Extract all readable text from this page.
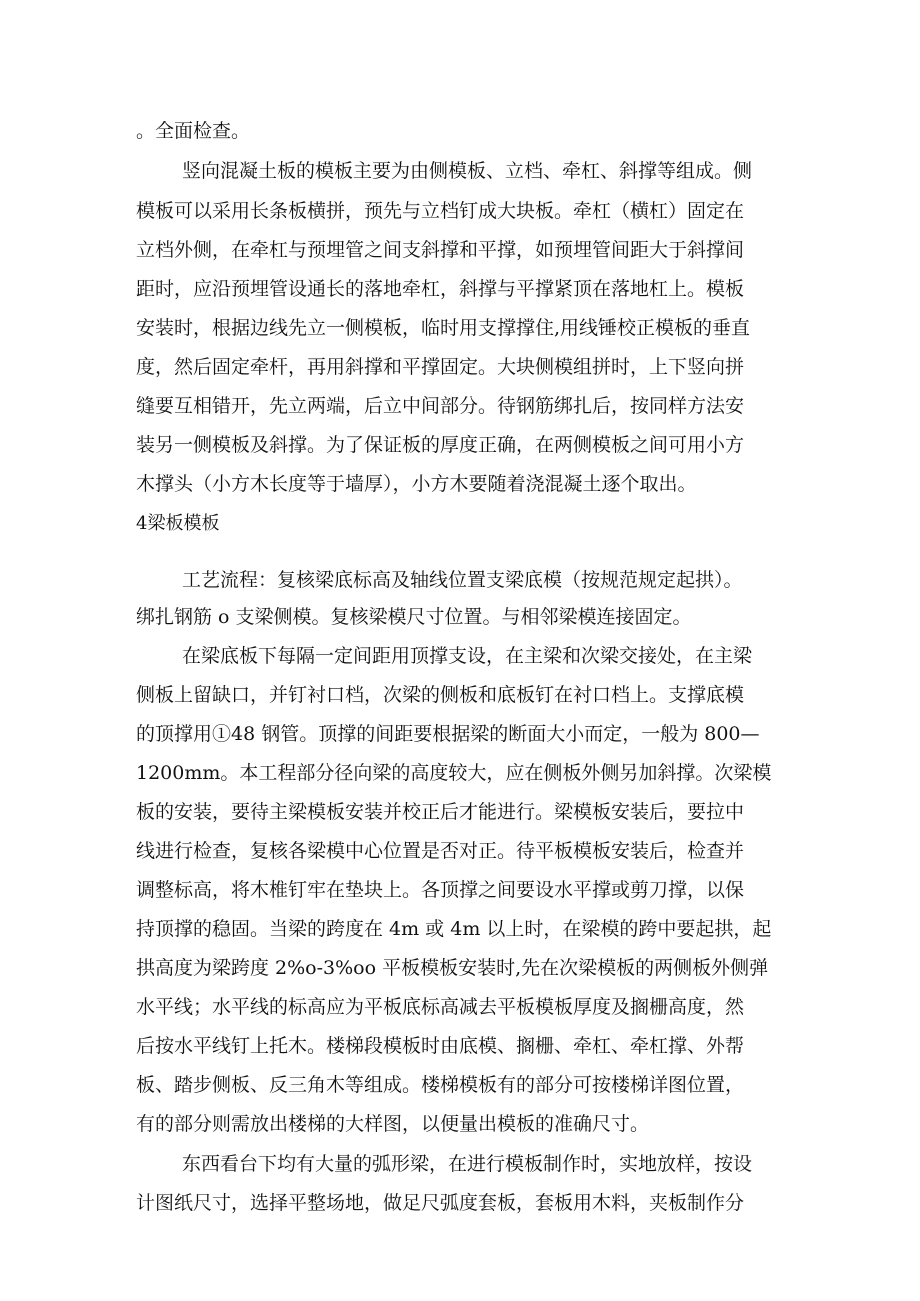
。全面检查。
竖向混凝土板的模板主要为由侧模板、立档、牵杠、斜撑等组成。侧
模板可以采用长条板横拼，预先与立档钉成大块板。牵杠（横杠）固定在
立档外侧，在牵杠与预埋管之间支斜撑和平撑，如预埋管间距大于斜撑间
距时，应沿预埋管设通长的落地牵杠，斜撑与平撑紧顶在落地杠上。模板
安装时，根据边线先立一侧模板，临时用支撑撑住,用线锤校正模板的垂直
度，然后固定牵杆，再用斜撑和平撑固定。大块侧模组拼时，上下竖向拼
缝要互相错开，先立两端，后立中间部分。待钢筋绑扎后，按同样方法安
装另一侧模板及斜撑。为了保证板的厚度正确，在两侧模板之间可用小方
木撑头（小方木长度等于墙厚），小方木要随着浇混凝土逐个取出。
4梁板模板
工艺流程：复核梁底标高及轴线位置支梁底模（按规范规定起拱）。
绑扎钢筋 o 支梁侧模。复核梁模尺寸位置。与相邻梁模连接固定。
在梁底板下每隔一定间距用顶撑支设，在主梁和次梁交接处，在主梁
侧板上留缺口，并钉衬口档，次梁的侧板和底板钉在衬口档上。支撑底模
的顶撑用①48 钢管。顶撑的间距要根据梁的断面大小而定，一般为 800—
1200mm。本工程部分径向梁的高度较大，应在侧板外侧另加斜撑。次梁模
板的安装，要待主梁模板安装并校正后才能进行。梁模板安装后，要拉中
线进行检查，复核各梁模中心位置是否对正。待平板模板安装后，检查并
调整标高，将木椎钉牢在垫块上。各顶撑之间要设水平撑或剪刀撑，以保
持顶撑的稳固。当梁的跨度在 4m 或 4m 以上时，在梁模的跨中要起拱，起
拱高度为梁跨度 2%o-3%oo 平板模板安装时,先在次梁模板的两侧板外侧弹
水平线；水平线的标高应为平板底标高减去平板模板厚度及搁栅高度，然
后按水平线钉上托木。楼梯段模板时由底模、搁栅、牵杠、牵杠撑、外帮
板、踏步侧板、反三角木等组成。楼梯模板有的部分可按楼梯详图位置，
有的部分则需放出楼梯的大样图，以便量出模板的准确尺寸。
东西看台下均有大量的弧形梁，在进行模板制作时，实地放样，按设
计图纸尺寸，选择平整场地，做足尺弧度套板，套板用木料，夹板制作分
